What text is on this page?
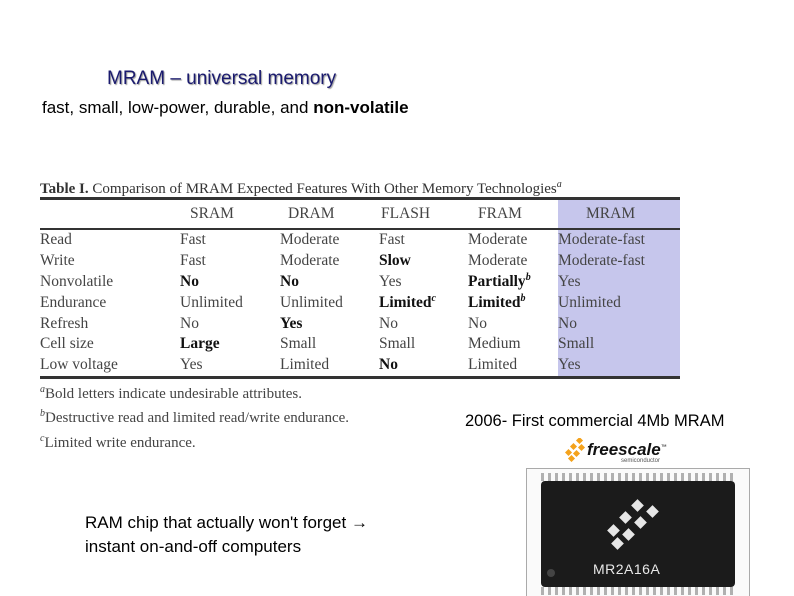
MRAM – universal memory
fast, small, low-power, durable, and non-volatile
Table I. Comparison of MRAM Expected Features With Other Memory Technologies$^a$
	SRAM	DRAM	FLASH	FRAM	MRAM
Read	Fast	Moderate	Fast	Moderate	Moderate-fast
Write	Fast	Moderate	Slow	Moderate	Moderate-fast
Nonvolatile	No	No	Yes	Partially$^b$	Yes
Endurance	Unlimited	Unlimited	Limited$^c$	Limited$^b$	Unlimited
Refresh	No	Yes	No	No	No
Cell size	Large	Small	Small	Medium	Small
Low voltage	Yes	Limited	No	Limited	Yes
$^a$Bold letters indicate undesirable attributes.
$^b$Destructive read and limited read/write endurance.
$^c$Limited write endurance.
2006- First commercial 4Mb MRAM
freescale™
semiconductor
MR2A16A
RAM chip that actually won't forget →
instant on-and-off computers
